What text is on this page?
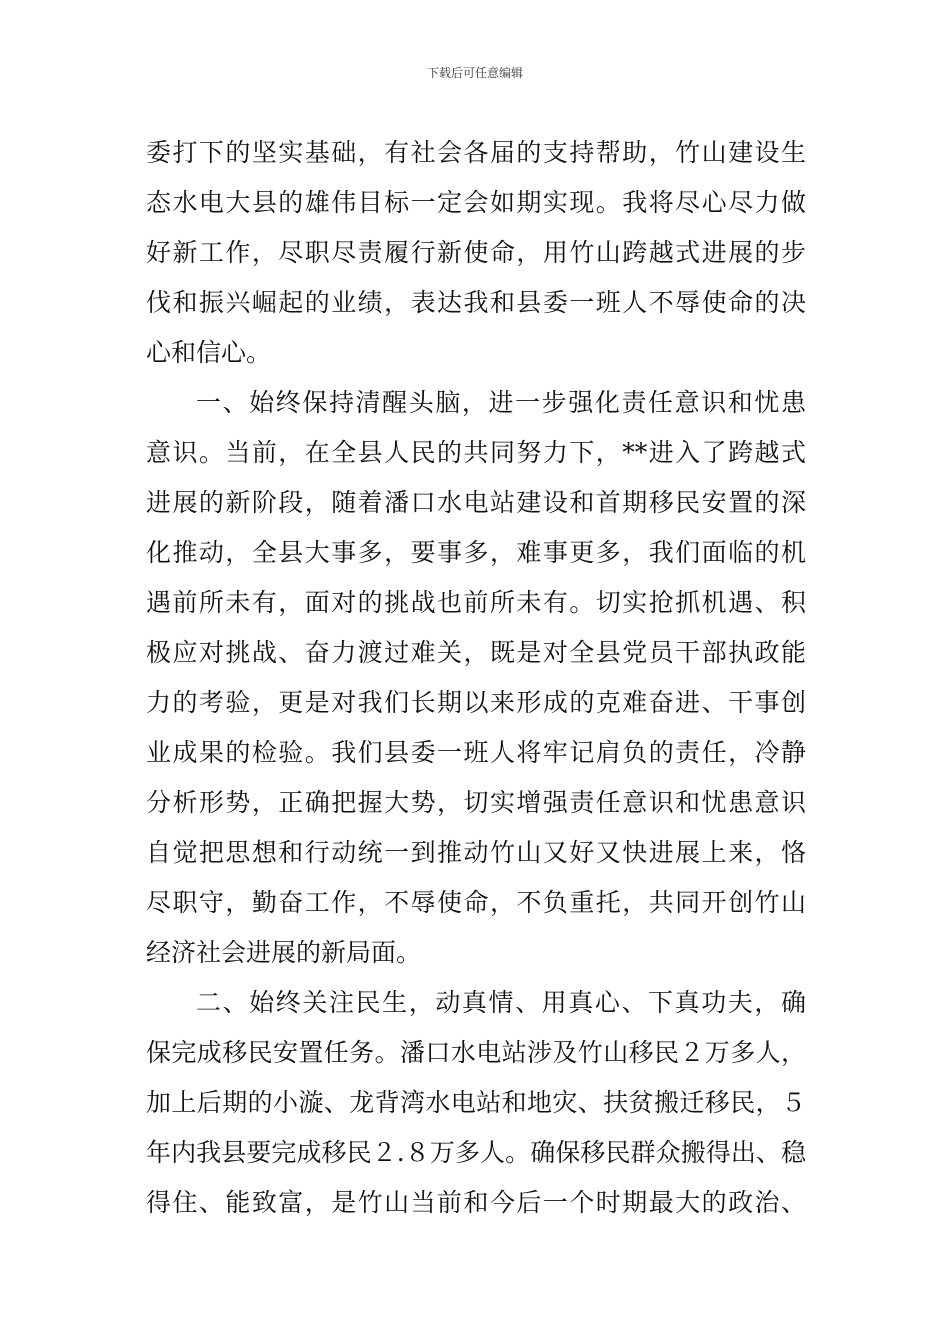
下载后可任意编辑
委打下的坚实基础，有社会各届的支持帮助，竹山建设生
态水电大县的雄伟目标一定会如期实现。我将尽心尽力做
好新工作，尽职尽责履行新使命，用竹山跨越式进展的步
伐和振兴崛起的业绩，表达我和县委一班人不辱使命的决
心和信心。
一、始终保持清醒头脑，进一步强化责任意识和忧患
意识。当前，在全县人民的共同努力下，**进入了跨越式
进展的新阶段，随着潘口水电站建设和首期移民安置的深
化推动，全县大事多，要事多，难事更多，我们面临的机
遇前所未有，面对的挑战也前所未有。切实抢抓机遇、积
极应对挑战、奋力渡过难关，既是对全县党员干部执政能
力的考验，更是对我们长期以来形成的克难奋进、干事创
业成果的检验。我们县委一班人将牢记肩负的责任，冷静
分析形势，正确把握大势，切实增强责任意识和忧患意识
自觉把思想和行动统一到推动竹山又好又快进展上来，恪
尽职守，勤奋工作，不辱使命，不负重托，共同开创竹山
经济社会进展的新局面。
二、始终关注民生，动真情、用真心、下真功夫，确
保完成移民安置任务。潘口水电站涉及竹山移民２万多人，
加上后期的小漩、龙背湾水电站和地灾、扶贫搬迁移民，５
年内我县要完成移民２.８万多人。确保移民群众搬得出、稳
得住、能致富，是竹山当前和今后一个时期最大的政治、
